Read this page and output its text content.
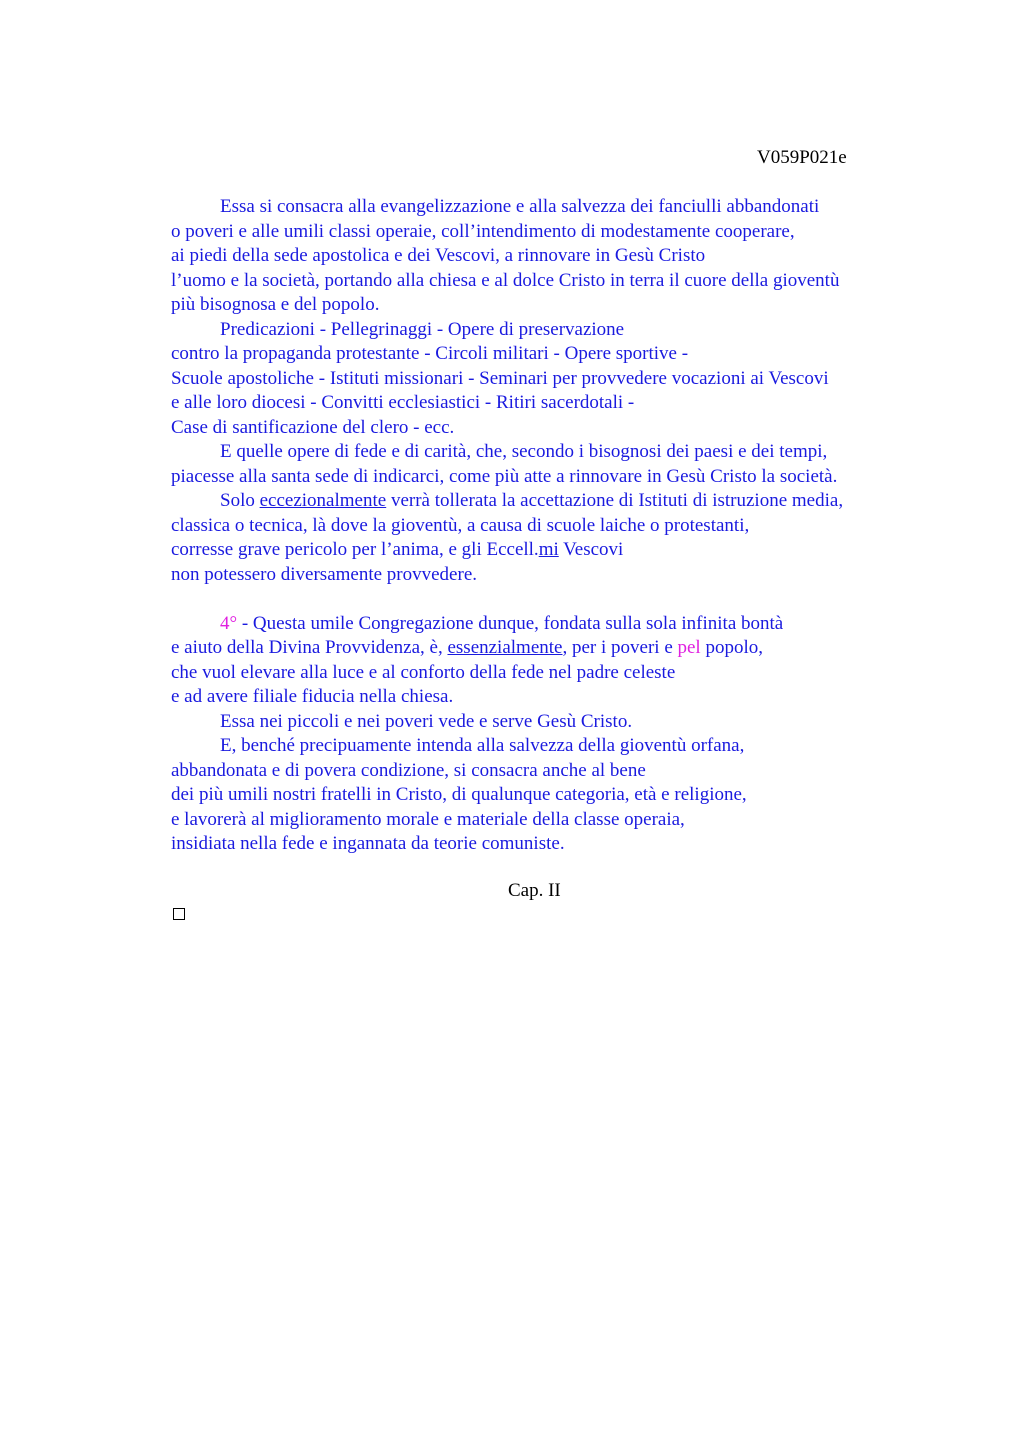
V059P021e
Essa si consacra alla evangelizzazione e alla salvezza dei fanciulli abbandonati
o poveri e alle umili classi operaie, coll’intendimento di modestamente cooperare,
ai piedi della sede apostolica e dei Vescovi, a rinnovare in Gesù Cristo
l’uomo e la società, portando alla chiesa e al dolce Cristo in terra il cuore della gioventù
più bisognosa e del popolo.
Predicazioni - Pellegrinaggi - Opere di preservazione
contro la propaganda protestante - Circoli militari - Opere sportive -
Scuole apostoliche - Istituti missionari - Seminari per provvedere vocazioni ai Vescovi
e alle loro diocesi - Convitti ecclesiastici - Ritiri sacerdotali -
Case di santificazione del clero - ecc.
E quelle opere di fede e di carità, che, secondo i bisognosi dei paesi e dei tempi,
piacesse alla santa sede di indicarci, come più atte a rinnovare in Gesù Cristo la società.
Solo eccezionalmente verrà tollerata la accettazione di Istituti di istruzione media,
classica o tecnica, là dove la gioventù, a causa di scuole laiche o protestanti,
corresse grave pericolo per l’anima, e gli Eccell.mi Vescovi
non potessero diversamente provvedere.
4° - Questa umile Congregazione dunque, fondata sulla sola infinita bontà
e aiuto della Divina Provvidenza, è, essenzialmente, per i poveri e pel popolo,
che vuol elevare alla luce e al conforto della fede nel padre celeste
e ad avere filiale fiducia nella chiesa.
Essa nei piccoli e nei poveri vede e serve Gesù Cristo.
E, benché precipuamente intenda alla salvezza della gioventù orfana,
abbandonata e di povera condizione, si consacra anche al bene
dei più umili nostri fratelli in Cristo, di qualunque categoria, età e religione,
e lavorerà al miglioramento morale e materiale della classe operaia,
insidiata nella fede e ingannata da teorie comuniste.
Cap. II
